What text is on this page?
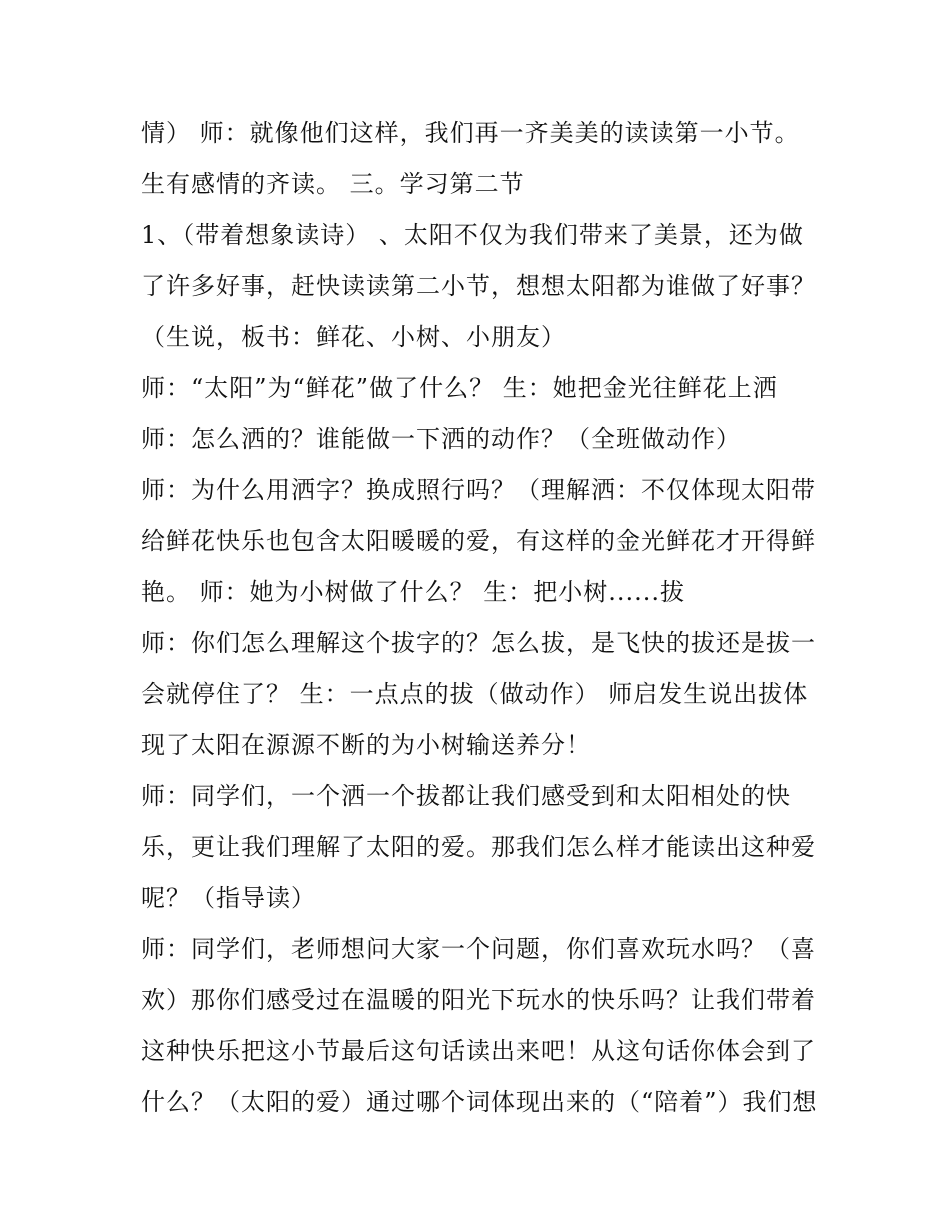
情） 师：就像他们这样，我们再一齐美美的读读第一小节。
生有感情的齐读。 三。学习第二节
1、（带着想象读诗） 、太阳不仅为我们带来了美景，还为做
了许多好事，赶快读读第二小节，想想太阳都为谁做了好事？
（生说，板书：鲜花、小树、小朋友）
师：“太阳”为“鲜花”做了什么？ 生：她把金光往鲜花上洒
师：怎么洒的？谁能做一下洒的动作？（全班做动作）
师：为什么用洒字？换成照行吗？（理解洒：不仅体现太阳带
给鲜花快乐也包含太阳暖暖的爱，有这样的金光鲜花才开得鲜
艳。 师：她为小树做了什么？ 生：把小树......拔
师：你们怎么理解这个拔字的？怎么拔，是飞快的拔还是拔一
会就停住了？ 生：一点点的拔（做动作） 师启发生说出拔体
现了太阳在源源不断的为小树输送养分！
师：同学们，一个洒一个拔都让我们感受到和太阳相处的快
乐，更让我们理解了太阳的爱。那我们怎么样才能读出这种爱
呢？（指导读）
师：同学们，老师想问大家一个问题，你们喜欢玩水吗？（喜
欢）那你们感受过在温暖的阳光下玩水的快乐吗？让我们带着
这种快乐把这小节最后这句话读出来吧！从这句话你体会到了
什么？（太阳的爱）通过哪个词体现出来的（“陪着”）我们想
